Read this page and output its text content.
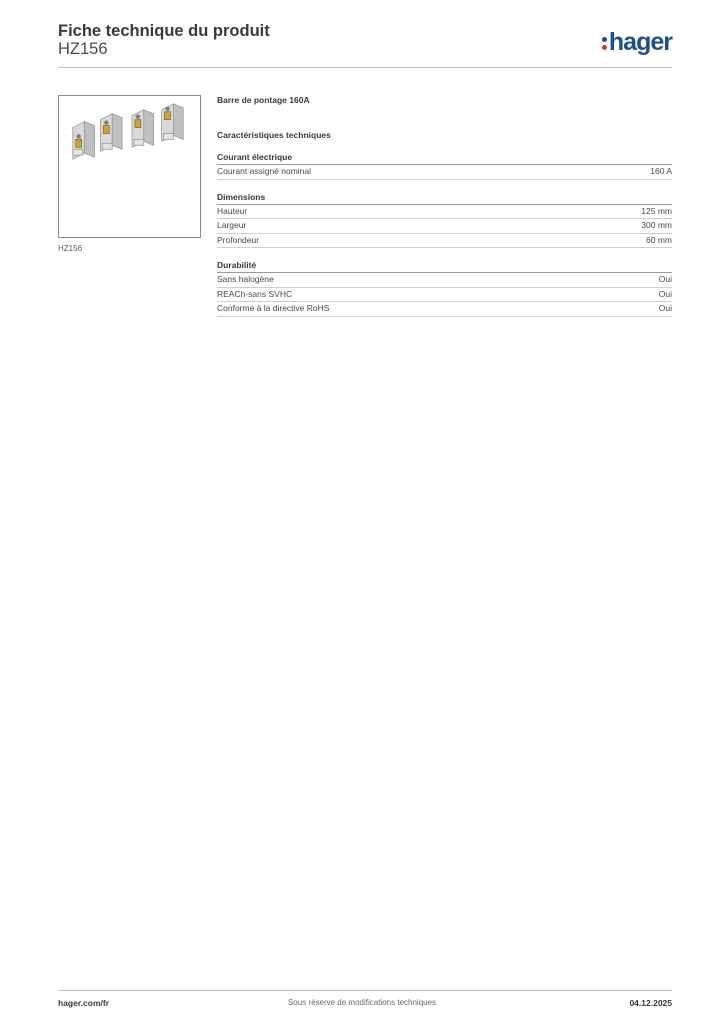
Fiche technique du produit
HZ156	hager
HZ156
Barre de pontage 160A
Caractéristiques techniques
Courant électrique
Courant assigné nominal	160 A
Dimensions
Hauteur	125 mm
Largeur	300 mm
Profondeur	60 mm
Durabilité
Sans halogène	Oui
REACh-sans SVHC	Oui
Conforme à la directive RoHS	Oui
hager.com/fr	Sous réserve de modifications techniques	04.12.2025
